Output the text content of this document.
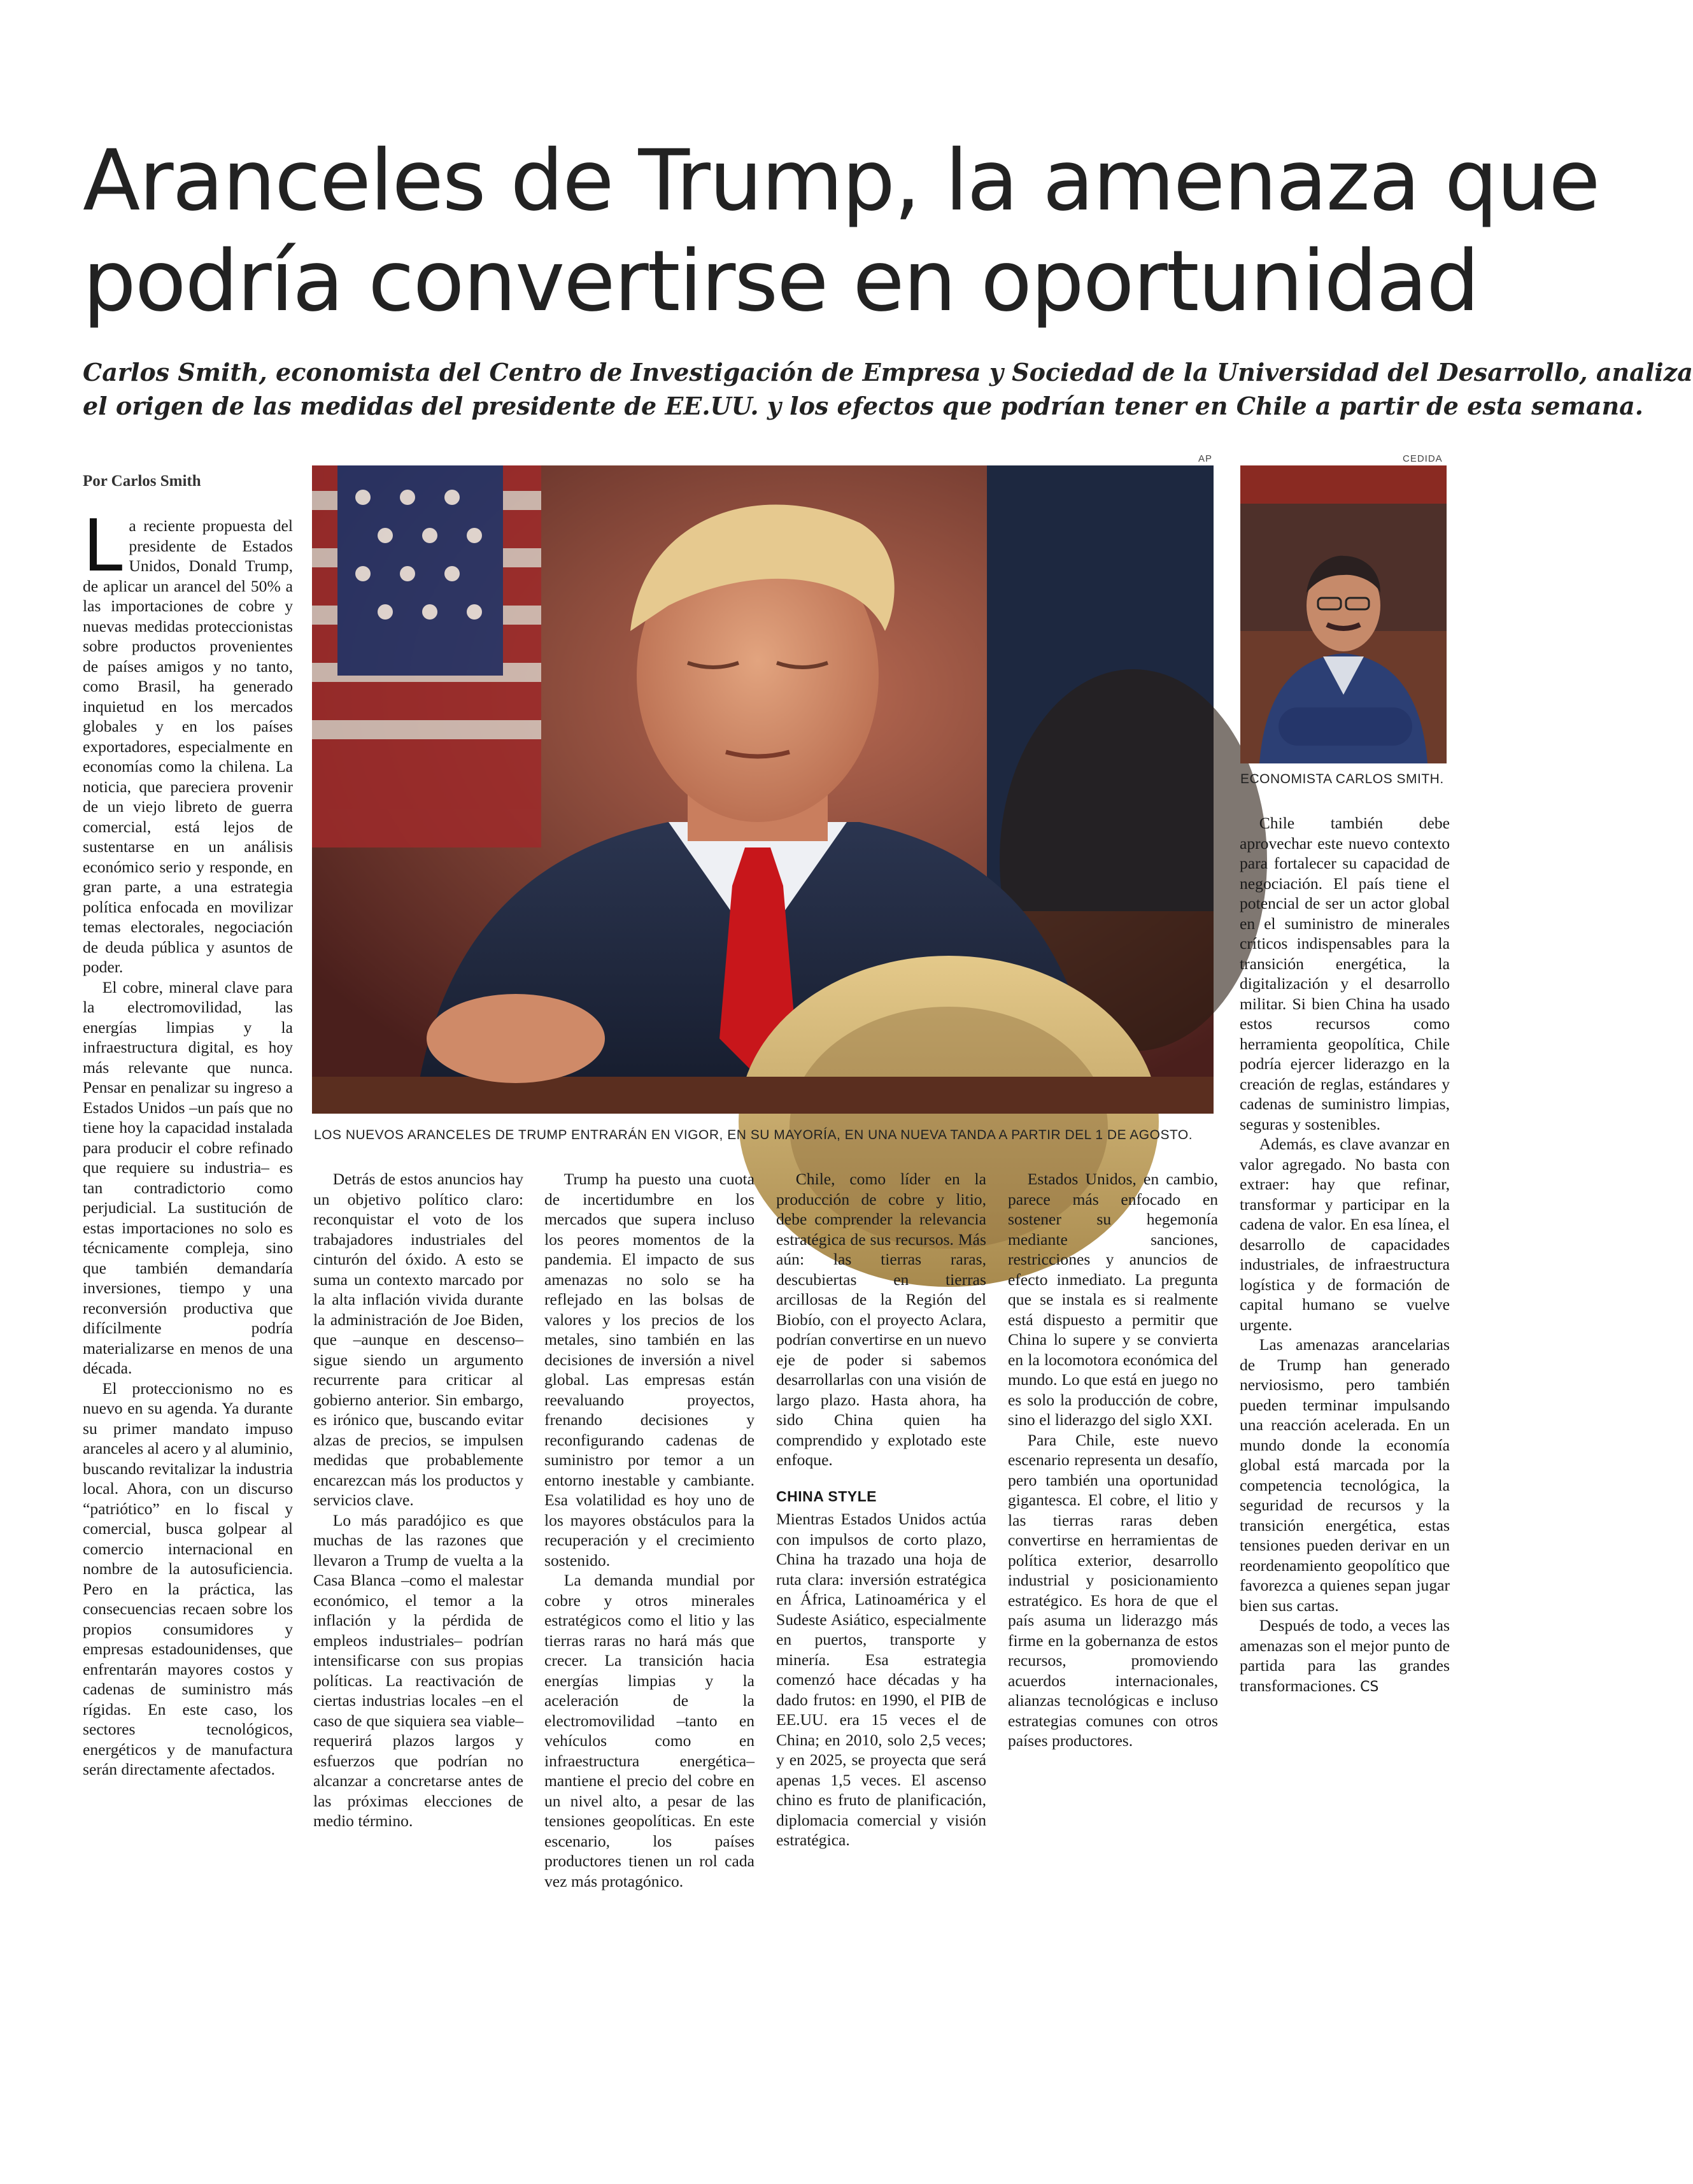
Aranceles de Trump, la amenaza que
podría convertirse en oportunidad

Carlos Smith, economista del Centro de Investigación de Empresa y Sociedad de la Universidad del Desarrollo, analiza
el origen de las medidas del presidente de EE.UU. y los efectos que podrían tener en Chile a partir de esta semana.

Por Carlos Smith
AP	CEDIDA
LOS NUEVOS ARANCELES DE TRUMP ENTRARÁN EN VIGOR, EN SU MAYORÍA, EN UNA NUEVA TANDA A PARTIR DEL 1 DE AGOSTO.
ECONOMISTA CARLOS SMITH.

La reciente propuesta del presidente de Estados Unidos, Donald Trump, de aplicar un arancel del 50% a las importaciones de cobre y nuevas medidas proteccionistas sobre productos provenientes de países amigos y no tanto, como Brasil, ha generado inquietud en los mercados globales y en los países exportadores, especialmente en economías como la chilena. La noticia, que pareciera provenir de un viejo libreto de guerra comercial, está lejos de sustentarse en un análisis económico serio y responde, en gran parte, a una estrategia política enfocada en movilizar temas electorales, negociación de deuda pública y asuntos de poder.

El cobre, mineral clave para la electromovilidad, las energías limpias y la infraestructura digital, es hoy más relevante que nunca. Pensar en penalizar su ingreso a Estados Unidos –un país que no tiene hoy la capacidad instalada para producir el cobre refinado que requiere su industria– es tan contradictorio como perjudicial. La sustitución de estas importaciones no solo es técnicamente compleja, sino que también demandaría inversiones, tiempo y una reconversión productiva que difícilmente podría materializarse en menos de una década.

El proteccionismo no es nuevo en su agenda. Ya durante su primer mandato impuso aranceles al acero y al aluminio, buscando revitalizar la industria local. Ahora, con un discurso “patriótico” en lo fiscal y comercial, busca golpear al comercio internacional en nombre de la autosuficiencia. Pero en la práctica, las consecuencias recaen sobre los propios consumidores y empresas estadounidenses, que enfrentarán mayores costos y cadenas de suministro más rígidas. En este caso, los sectores tecnológicos, energéticos y de manufactura serán directamente afectados.

Detrás de estos anuncios hay un objetivo político claro: reconquistar el voto de los trabajadores industriales del cinturón del óxido. A esto se suma un contexto marcado por la alta inflación vivida durante la administración de Joe Biden, que –aunque en descenso– sigue siendo un argumento recurrente para criticar al gobierno anterior. Sin embargo, es irónico que, buscando evitar alzas de precios, se impulsen medidas que probablemente encarezcan más los productos y servicios clave.

Lo más paradójico es que muchas de las razones que llevaron a Trump de vuelta a la Casa Blanca –como el malestar económico, el temor a la inflación y la pérdida de empleos industriales– podrían intensificarse con sus propias políticas. La reactivación de ciertas industrias locales –en el caso de que siquiera sea viable– requerirá plazos largos y esfuerzos que podrían no alcanzar a concretarse antes de las próximas elecciones de medio término.

Trump ha puesto una cuota de incertidumbre en los mercados que supera incluso los peores momentos de la pandemia. El impacto de sus amenazas no solo se ha reflejado en las bolsas de valores y los precios de los metales, sino también en las decisiones de inversión a nivel global. Las empresas están reevaluando proyectos, frenando decisiones y reconfigurando cadenas de suministro por temor a un entorno inestable y cambiante. Esa volatilidad es hoy uno de los mayores obstáculos para la recuperación y el crecimiento sostenido.

La demanda mundial por cobre y otros minerales estratégicos como el litio y las tierras raras no hará más que crecer. La transición hacia energías limpias y la aceleración de la electromovilidad –tanto en vehículos como en infraestructura energética– mantiene el precio del cobre en un nivel alto, a pesar de las tensiones geopolíticas. En este escenario, los países productores tienen un rol cada vez más protagónico.

Chile, como líder en la producción de cobre y litio, debe comprender la relevancia estratégica de sus recursos. Más aún: las tierras raras, descubiertas en tierras arcillosas de la Región del Biobío, con el proyecto Aclara, podrían convertirse en un nuevo eje de poder si sabemos desarrollarlas con una visión de largo plazo. Hasta ahora, ha sido China quien ha comprendido y explotado este enfoque.

CHINA STYLE

Mientras Estados Unidos actúa con impulsos de corto plazo, China ha trazado una hoja de ruta clara: inversión estratégica en África, Latinoamérica y el Sudeste Asiático, especialmente en puertos, transporte y minería. Esa estrategia comenzó hace décadas y ha dado frutos: en 1990, el PIB de EE.UU. era 15 veces el de China; en 2010, solo 2,5 veces; y en 2025, se proyecta que será apenas 1,5 veces. El ascenso chino es fruto de planificación, diplomacia comercial y visión estratégica.

Estados Unidos, en cambio, parece más enfocado en sostener su hegemonía mediante sanciones, restricciones y anuncios de efecto inmediato. La pregunta que se instala es si realmente está dispuesto a permitir que China lo supere y se convierta en la locomotora económica del mundo. Lo que está en juego no es solo la producción de cobre, sino el liderazgo del siglo XXI.

Para Chile, este nuevo escenario representa un desafío, pero también una oportunidad gigantesca. El cobre, el litio y las tierras raras deben convertirse en herramientas de política exterior, desarrollo industrial y posicionamiento estratégico. Es hora de que el país asuma un liderazgo más firme en la gobernanza de estos recursos, promoviendo acuerdos internacionales, alianzas tecnológicas e incluso estrategias comunes con otros países productores.

Chile también debe aprovechar este nuevo contexto para fortalecer su capacidad de negociación. El país tiene el potencial de ser un actor global en el suministro de minerales críticos indispensables para la transición energética, la digitalización y el desarrollo militar. Si bien China ha usado estos recursos como herramienta geopolítica, Chile podría ejercer liderazgo en la creación de reglas, estándares y cadenas de suministro limpias, seguras y sostenibles.

Además, es clave avanzar en valor agregado. No basta con extraer: hay que refinar, transformar y participar en la cadena de valor. En esa línea, el desarrollo de capacidades industriales, de infraestructura logística y de formación de capital humano se vuelve urgente.

Las amenazas arancelarias de Trump han generado nerviosismo, pero también pueden terminar impulsando una reacción acelerada. En un mundo donde la economía global está marcada por la competencia tecnológica, la seguridad de recursos y la transición energética, estas tensiones pueden derivar en un reordenamiento geopolítico que favorezca a quienes sepan jugar bien sus cartas.

Después de todo, a veces las amenazas son el mejor punto de partida para las grandes transformaciones. CS
